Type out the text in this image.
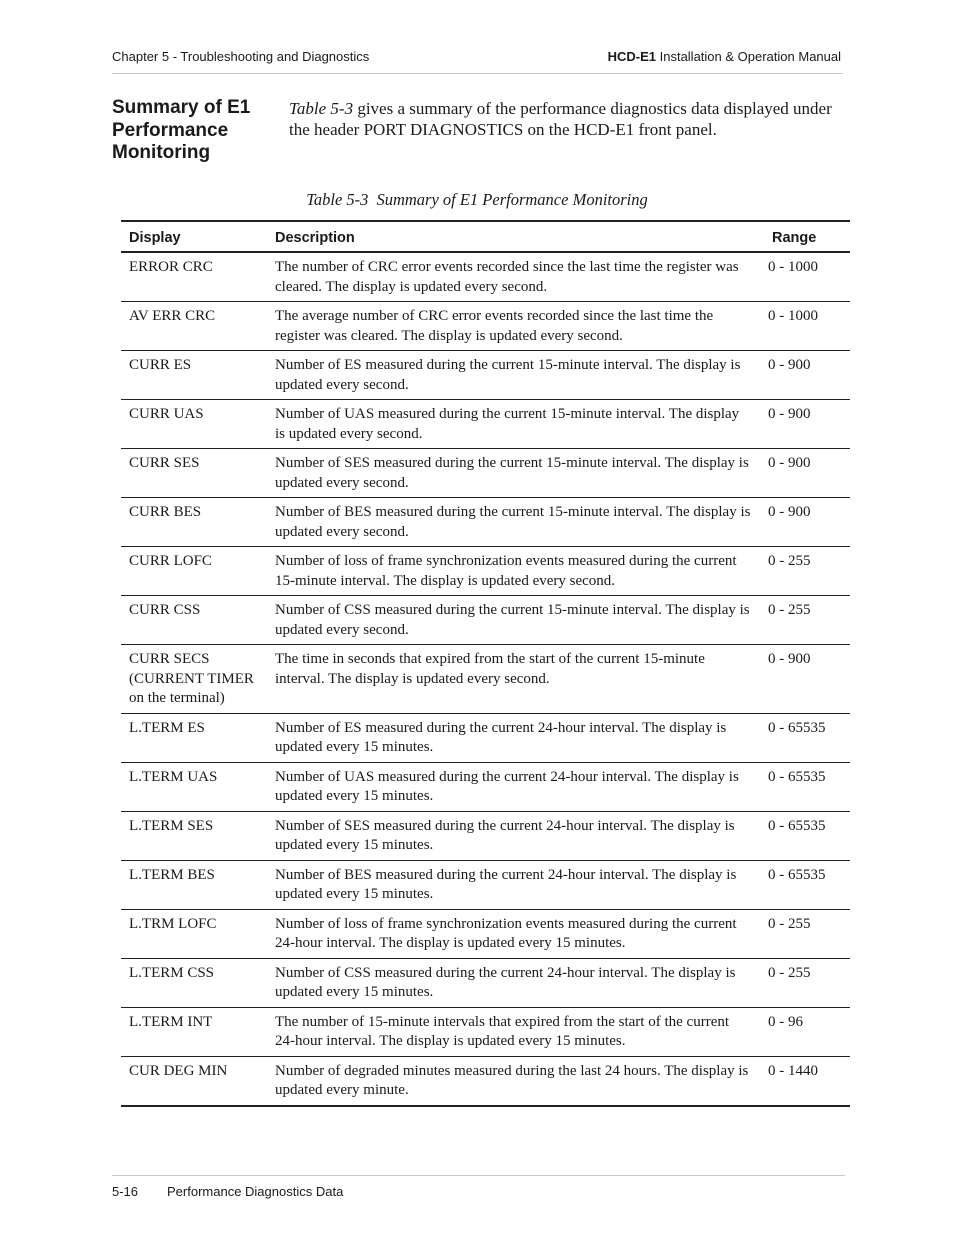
Chapter 5 - Troubleshooting and Diagnostics	HCD-E1 Installation & Operation Manual
Summary of E1 Performance Monitoring
Table 5-3 gives a summary of the performance diagnostics data displayed under the header PORT DIAGNOSTICS on the HCD-E1 front panel.
Table 5-3 Summary of E1 Performance Monitoring
Display	Description	Range
ERROR CRC	The number of CRC error events recorded since the last time the register was cleared. The display is updated every second.	0 - 1000
AV ERR CRC	The average number of CRC error events recorded since the last time the register was cleared. The display is updated every second.	0 - 1000
CURR ES	Number of ES measured during the current 15-minute interval. The display is updated every second.	0 - 900
CURR UAS	Number of UAS measured during the current 15-minute interval. The display is updated every second.	0 - 900
CURR SES	Number of SES measured during the current 15-minute interval. The display is updated every second.	0 - 900
CURR BES	Number of BES measured during the current 15-minute interval. The display is updated every second.	0 - 900
CURR LOFC	Number of loss of frame synchronization events measured during the current 15-minute interval. The display is updated every second.	0 - 255
CURR CSS	Number of CSS measured during the current 15-minute interval. The display is updated every second.	0 - 255
CURR SECS
(CURRENT TIMER
on the terminal)	The time in seconds that expired from the start of the current 15-minute interval. The display is updated every second.	0 - 900
L.TERM ES	Number of ES measured during the current 24-hour interval. The display is updated every 15 minutes.	0 - 65535
L.TERM UAS	Number of UAS measured during the current 24-hour interval. The display is updated every 15 minutes.	0 - 65535
L.TERM SES	Number of SES measured during the current 24-hour interval. The display is updated every 15 minutes.	0 - 65535
L.TERM BES	Number of BES measured during the current 24-hour interval. The display is updated every 15 minutes.	0 - 65535
L.TRM LOFC	Number of loss of frame synchronization events measured during the current 24-hour interval. The display is updated every 15 minutes.	0 - 255
L.TERM CSS	Number of CSS measured during the current 24-hour interval. The display is updated every 15 minutes.	0 - 255
L.TERM INT	The number of 15-minute intervals that expired from the start of the current 24-hour interval. The display is updated every 15 minutes.	0 - 96
CUR DEG MIN	Number of degraded minutes measured during the last 24 hours. The display is updated every minute.	0 - 1440
5-16 Performance Diagnostics Data
